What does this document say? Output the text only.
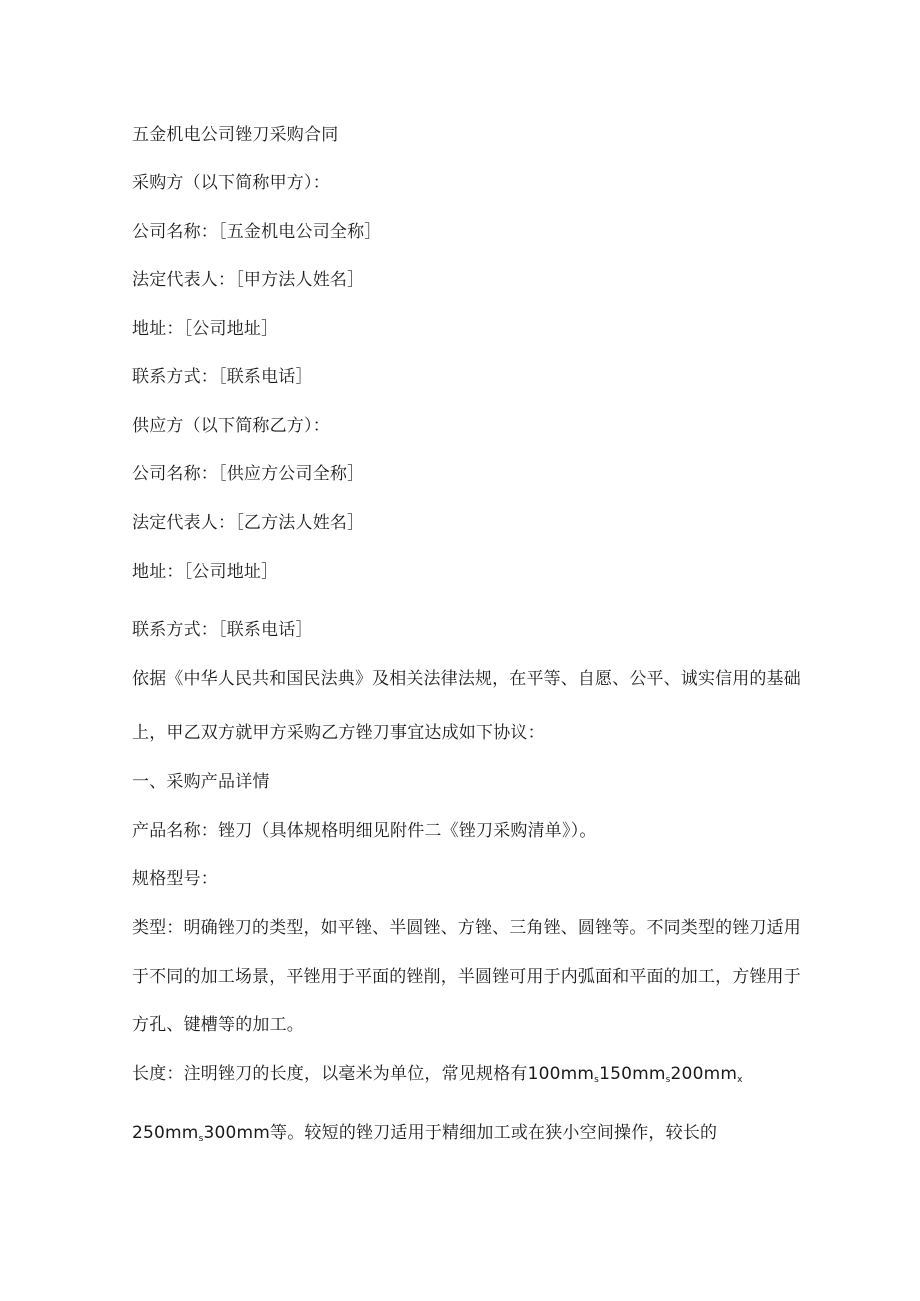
五金机电公司锉刀采购合同
采购方（以下简称甲方）：
公司名称：［五金机电公司全称］
法定代表人：［甲方法人姓名］
地址：［公司地址］
联系方式：［联系电话］
供应方（以下简称乙方）：
公司名称：［供应方公司全称］
法定代表人：［乙方法人姓名］
地址：［公司地址］
联系方式：［联系电话］
依据《中华人民共和国民法典》及相关法律法规，在平等、自愿、公平、诚实信用的基础
上，甲乙双方就甲方采购乙方锉刀事宜达成如下协议：
一、采购产品详情
产品名称：锉刀（具体规格明细见附件二《锉刀采购清单》）。
规格型号：
类型：明确锉刀的类型，如平锉、半圆锉、方锉、三角锉、圆锉等。不同类型的锉刀适用
于不同的加工场景，平锉用于平面的锉削，半圆锉可用于内弧面和平面的加工，方锉用于
方孔、键槽等的加工。
长度：注明锉刀的长度，以毫米为单位，常见规格有$100mm_s150mm_s200mm_x$
$250mm_s300mm$等。较短的锉刀适用于精细加工或在狭小空间操作，较长的
